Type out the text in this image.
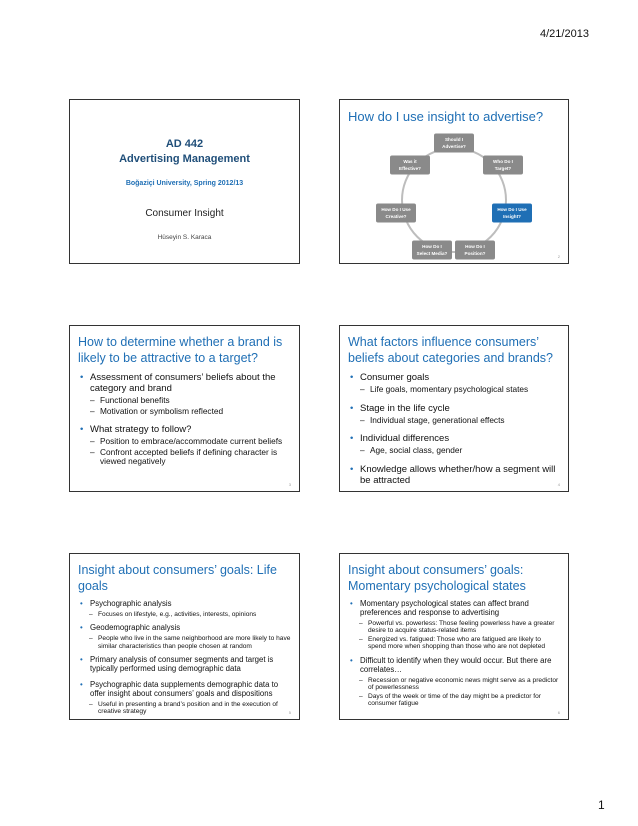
4/21/2013
AD 442
Advertising Management
Boğaziçi University, Spring 2012/13
Consumer Insight
Hüseyin S. Karaca
How do I use insight to advertise?
Should I
Advertise?
Who Do I
Target?
How Do I Use
Insight?
How Do I
Position?
How Do I
Select Media?
How Do I Use
Creative?
Was it
Effective?
2
How to determine whether a brand is likely to be attractive to a target?
• Assessment of consumers’ beliefs about the category and brand
– Functional benefits
– Motivation or symbolism reflected
• What strategy to follow?
– Position to embrace/accommodate current beliefs
– Confront accepted beliefs if defining character is viewed negatively
3
What factors influence consumers’ beliefs about categories and brands?
• Consumer goals
– Life goals, momentary psychological states
• Stage in the life cycle
– Individual stage, generational effects
• Individual differences
– Age, social class, gender
• Knowledge allows whether/how a segment will be attracted	4
Insight about consumers’ goals: Life goals
• Psychographic analysis
– Focuses on lifestyle, e.g., activities, interests, opinions
• Geodemographic analysis
– People who live in the same neighborhood are more likely to have similar characteristics than people chosen at random
• Primary analysis of consumer segments and target is typically performed using demographic data
• Psychographic data supplements demographic data to offer insight about consumers’ goals and dispositions
– Useful in presenting a brand’s position and in the execution of creative strategy	5
Insight about consumers’ goals: Momentary psychological states
• Momentary psychological states can affect brand preferences and response to advertising
– Powerful vs. powerless: Those feeling powerless have a greater desire to acquire status-related items
– Energized vs. fatigued: Those who are fatigued are likely to spend more when shopping than those who are not depleted
• Difficult to identify when they would occur. But there are correlates…
– Recession or negative economic news might serve as a predictor of powerlessness
– Days of the week or time of the day might be a predictor for consumer fatigue
6
1
